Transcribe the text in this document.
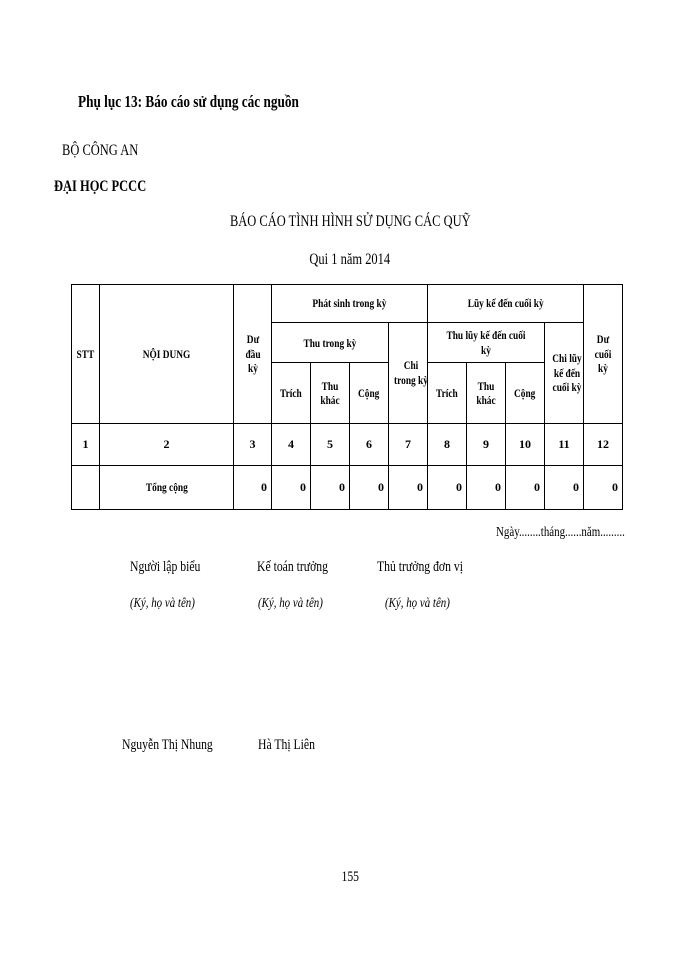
Phụ lục 13: Báo cáo sử dụng các nguồn
BỘ CÔNG AN
ĐẠI HỌC PCCC
BÁO CÁO TÌNH HÌNH SỬ DỤNG CÁC QUỸ
Qui 1 năm 2014
STT	NỘI DUNG	Dư đầu kỳ	Phát sinh trong kỳ				Lũy kế đến cuối kỳ				Dư cuối kỳ
			Thu trong kỳ			Chi trong kỳ	Thu lũy kế đến cuối kỳ			Chi lũy kế đến cuối kỳ	
			Trích	Thu khác	Cộng		Trích	Thu khác	Cộng		
1	2	3	4	5	6	7	8	9	10	11	12
	Tổng cộng	0	0	0	0	0	0	0	0	0	0
Ngày........tháng......năm.........
Người lập biểu	Kế toán trưởng	Thủ trưởng đơn vị
(Ký, họ và tên)	(Ký, họ và tên)	(Ký, họ và tên)
Nguyễn Thị Nhung	Hà Thị Liên
155
